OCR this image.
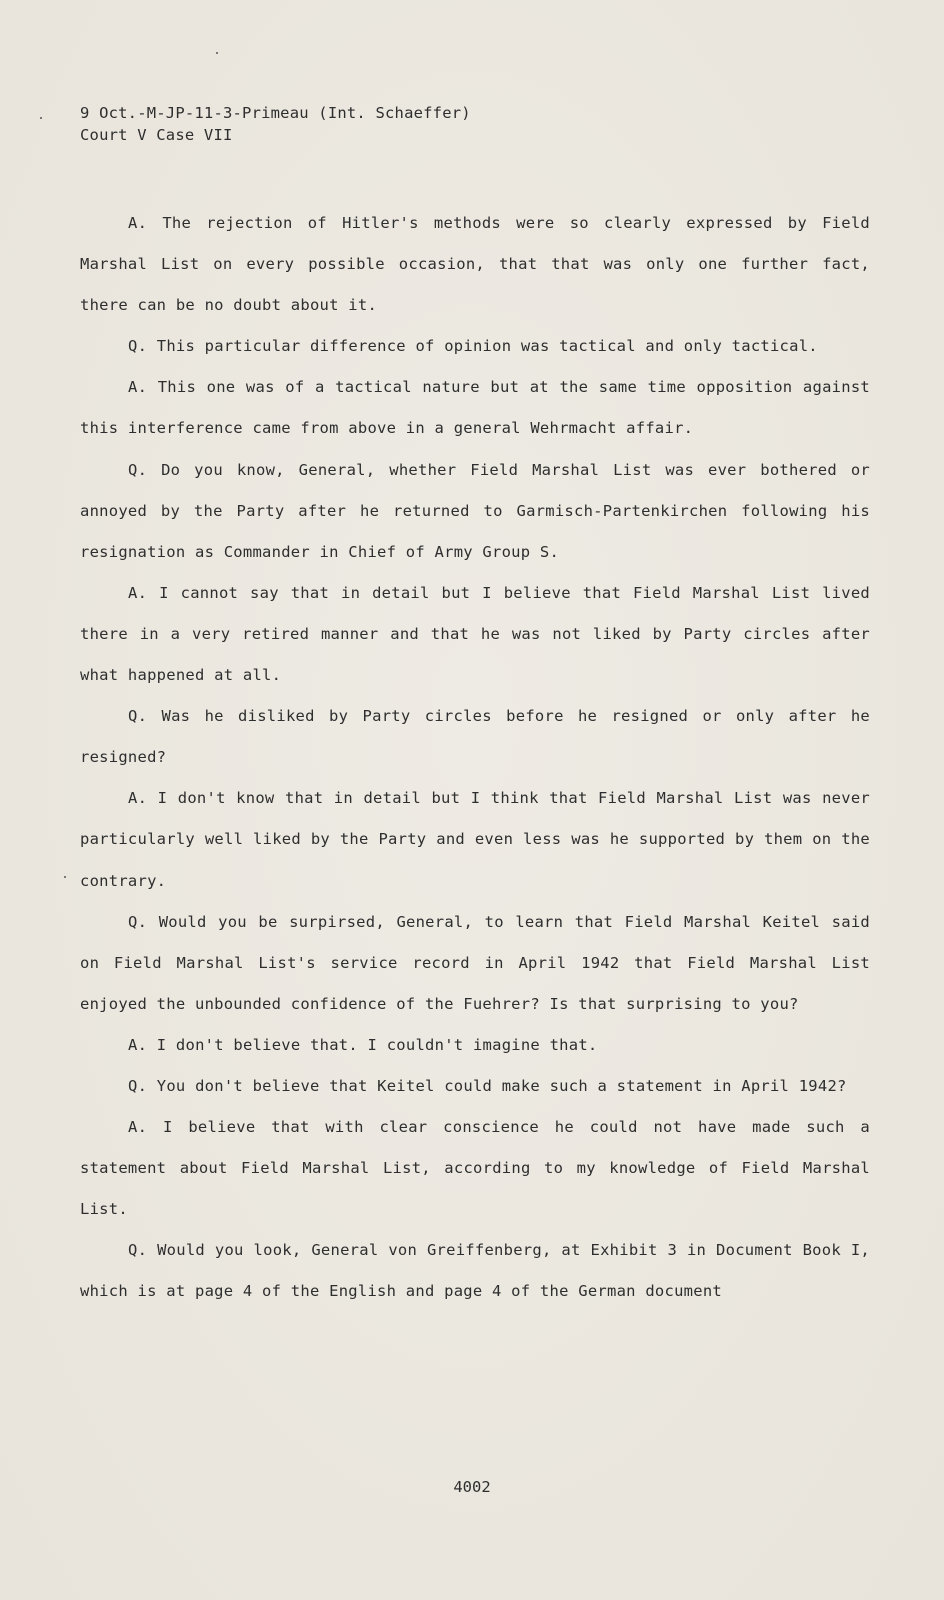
9 Oct.-M-JP-11-3-Primeau (Int. Schaeffer)
Court V Case VII

A. The rejection of Hitler's methods were so clearly expressed by Field Marshal List on every possible occasion, that that was only one further fact, there can be no doubt about it.

Q. This particular difference of opinion was tactical and only tactical.

A. This one was of a tactical nature but at the same time opposition against this interference came from above in a general Wehrmacht affair.

Q. Do you know, General, whether Field Marshal List was ever bothered or annoyed by the Party after he returned to Garmisch-Partenkirchen following his resignation as Commander in Chief of Army Group S.

A. I cannot say that in detail but I believe that Field Marshal List lived there in a very retired manner and that he was not liked by Party circles after what happened at all.

Q. Was he disliked by Party circles before he resigned or only after he resigned?

A. I don't know that in detail but I think that Field Marshal List was never particularly well liked by the Party and even less was he supported by them on the contrary.

Q. Would you be surpirsed, General, to learn that Field Marshal Keitel said on Field Marshal List's service record in April 1942 that Field Marshal List enjoyed the unbounded confidence of the Fuehrer? Is that surprising to you?

A. I don't believe that. I couldn't imagine that.

Q. You don't believe that Keitel could make such a statement in April 1942?

A. I believe that with clear conscience he could not have made such a statement about Field Marshal List, according to my knowledge of Field Marshal List.

Q. Would you look, General von Greiffenberg, at Exhibit 3 in Document Book I, which is at page 4 of the English and page 4 of the German document

4002
